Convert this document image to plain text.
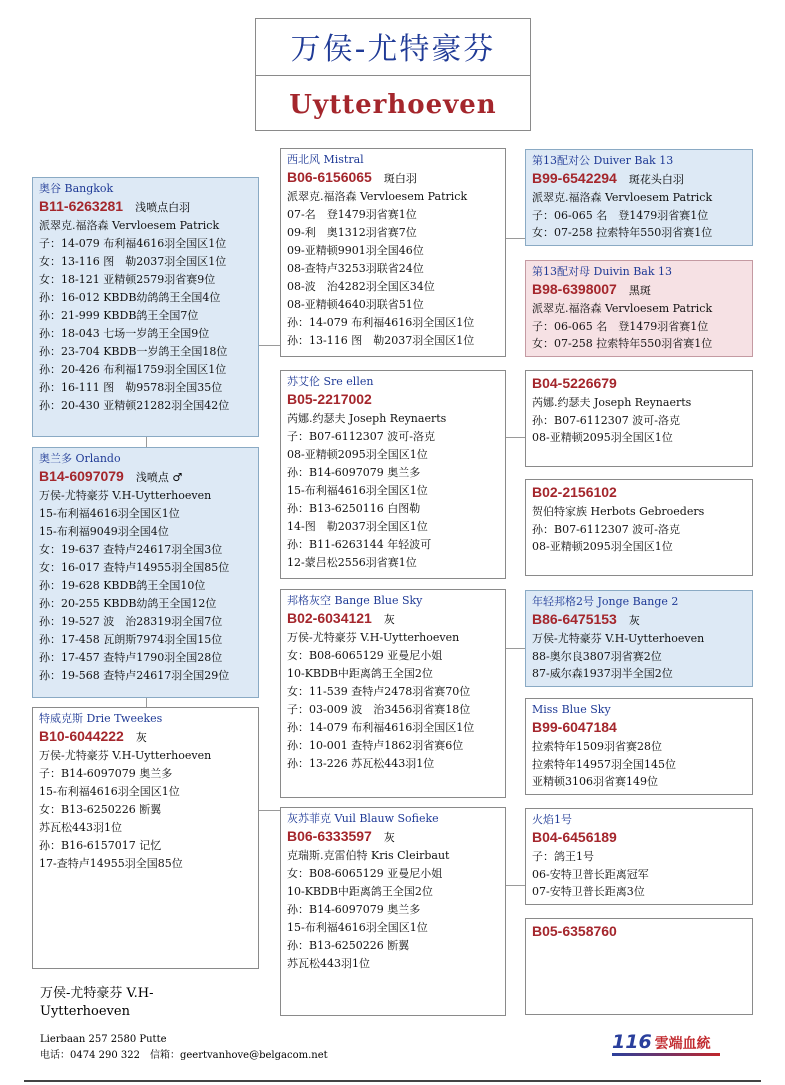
万侯-尤特豪芬
Uytterhoeven
奥谷 Bangkok
B11-6263281 浅喷点白羽
派翠克.福洛森 Vervloesem Patrick
子：14-079 布利福4616羽全国区1位
女：13-116 图　勒2037羽全国区1位
女：18-121 亚精顿2579羽省赛9位
孙：16-012 KBDB幼鸽鸽王全国4位
孙：21-999 KBDB鸽王全国7位
孙：18-043 七场一岁鸽王全国9位
孙：23-704 KBDB一岁鸽王全国18位
孙：20-426 布利福1759羽全国区1位
孙：16-111 图　勒9578羽全国35位
孙：20-430 亚精顿21282羽全国42位
奥兰多 Orlando
B14-6097079 浅喷点 ♂
万侯-尤特豪芬 V.H-Uytterhoeven
15-布利福4616羽全国区1位
15-布利福9049羽全国4位
女：19-637 查特卢24617羽全国3位
女：16-017 查特卢14955羽全国85位
孙：19-628 KBDB鸽王全国10位
孙：20-255 KBDB幼鸽王全国12位
孙：19-527 波　治28319羽全国7位
孙：17-458 瓦朗斯7974羽全国15位
孙：17-457 查特卢1790羽全国28位
孙：19-568 查特卢24617羽全国29位
特威克斯 Drie Tweekes
B10-6044222 灰
万侯-尤特豪芬 V.H-Uytterhoeven
子：B14-6097079 奥兰多
15-布利福4616羽全国区1位
女：B13-6250226 断翼
苏瓦松443羽1位
孙：B16-6157017 记忆
17-查特卢14955羽全国85位
西北风 Mistral
B06-6156065 斑白羽
派翠克.福洛森 Vervloesem Patrick
07-名　登1479羽省赛1位
09-利　奥1312羽省赛7位
09-亚精顿9901羽全国46位
08-查特卢3253羽联省24位
08-波　治4282羽全国区34位
08-亚精顿4640羽联省51位
孙：14-079 布利福4616羽全国区1位
孙：13-116 图　勒2037羽全国区1位
苏艾伦 Sre ellen
B05-2217002
芮娜.约瑟夫 Joseph Reynaerts
子：B07-6112307 波可-洛克
08-亚精顿2095羽全国区1位
孙：B14-6097079 奥兰多
15-布利福4616羽全国区1位
孙：B13-6250116 白图勒
14-图　勒2037羽全国区1位
孙：B11-6263144 年轻波可
12-蒙吕松2556羽省赛1位
邦格灰空 Bange Blue Sky
B02-6034121 灰
万侯-尤特豪芬 V.H-Uytterhoeven
女：B08-6065129 亚曼尼小姐
10-KBDB中距离鸽王全国2位
女：11-539 查特卢2478羽省赛70位
子：03-009 波　治3456羽省赛18位
孙：14-079 布利福4616羽全国区1位
孙：10-001 查特卢1862羽省赛6位
孙：13-226 苏瓦松443羽1位
灰苏菲克 Vuil Blauw Sofieke
B06-6333597 灰
克瑞斯.克雷伯特 Kris Cleirbaut
女：B08-6065129 亚曼尼小姐
10-KBDB中距离鸽王全国2位
孙：B14-6097079 奥兰多
15-布利福4616羽全国区1位
孙：B13-6250226 断翼
苏瓦松443羽1位
第13配对公 Duiver Bak 13
B99-6542294 斑花头白羽
派翠克.福洛森 Vervloesem Patrick
子：06-065 名　登1479羽省赛1位
女：07-258 拉索特年550羽省赛1位
第13配对母 Duivin Bak 13
B98-6398007 黑斑
派翠克.福洛森 Vervloesem Patrick
子：06-065 名　登1479羽省赛1位
女：07-258 拉索特年550羽省赛1位
B04-5226679
芮娜.约瑟夫 Joseph Reynaerts
孙：B07-6112307 波可-洛克
08-亚精顿2095羽全国区1位
B02-2156102
贺伯特家族 Herbots Gebroeders
孙：B07-6112307 波可-洛克
08-亚精顿2095羽全国区1位
年轻邦格2号 Jonge Bange 2
B86-6475153 灰
万侯-尤特豪芬 V.H-Uytterhoeven
88-奥尔良3807羽省赛2位
87-威尔森1937羽半全国2位
Miss Blue Sky
B99-6047184
拉索特年1509羽省赛28位
拉索特年14957羽全国145位
亚精顿3106羽省赛149位
火焰1号
B04-6456189
子：鸽王1号
06-安特卫普长距离冠军
07-安特卫普长距离3位
B05-6358760
万侯-尤特豪芬 V.H-Uytterhoeven
Lierbaan 257 2580 Putte
电话：0474 290 322　信箱：geertvanhove@belgacom.net
116 雲端血統
